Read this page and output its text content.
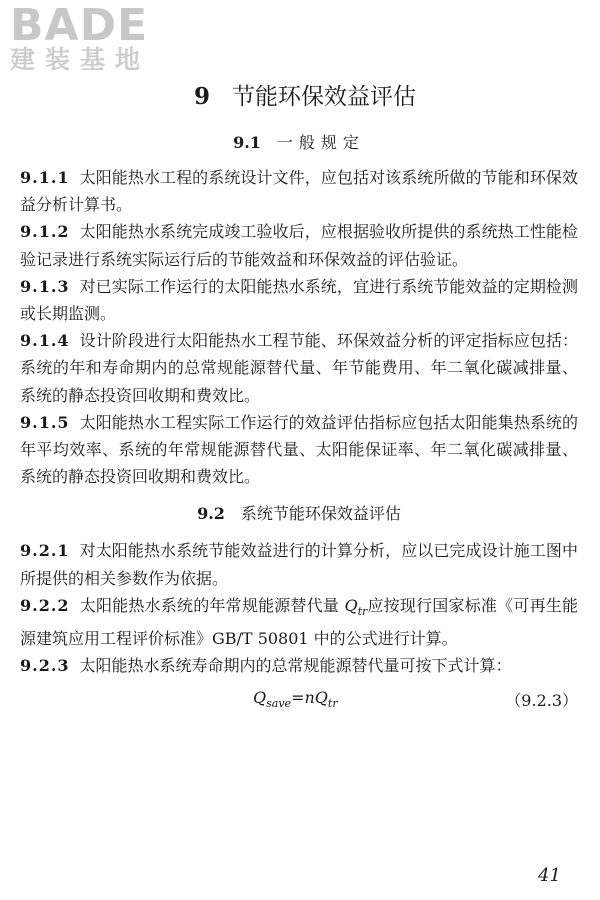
BADE
建装基地
9 节能环保效益评估
9.1 一般规定

9.1.1 太阳能热水工程的系统设计文件，应包括对该系统所做的节能和环保效益分析计算书。

9.1.2 太阳能热水系统完成竣工验收后，应根据验收所提供的系统热工性能检验记录进行系统实际运行后的节能效益和环保效益的评估验证。

9.1.3 对已实际工作运行的太阳能热水系统，宜进行系统节能效益的定期检测或长期监测。

9.1.4 设计阶段进行太阳能热水工程节能、环保效益分析的评定指标应包括：系统的年和寿命期内的总常规能源替代量、年节能费用、年二氧化碳减排量、系统的静态投资回收期和费效比。

9.1.5 太阳能热水工程实际工作运行的效益评估指标应包括太阳能集热系统的年平均效率、系统的年常规能源替代量、太阳能保证率、年二氧化碳减排量、系统的静态投资回收期和费效比。

9.2 系统节能环保效益评估

9.2.1 对太阳能热水系统节能效益进行的计算分析，应以已完成设计施工图中所提供的相关参数作为依据。

9.2.2 太阳能热水系统的年常规能源替代量 $Q_{tr}$应按现行国家标准《可再生能源建筑应用工程评价标准》GB/T 50801 中的公式进行计算。

9.2.3 太阳能热水系统寿命期内的总常规能源替代量可按下式计算：

$Q_{save}=nQ_{tr}$	（9.2.3）
41
